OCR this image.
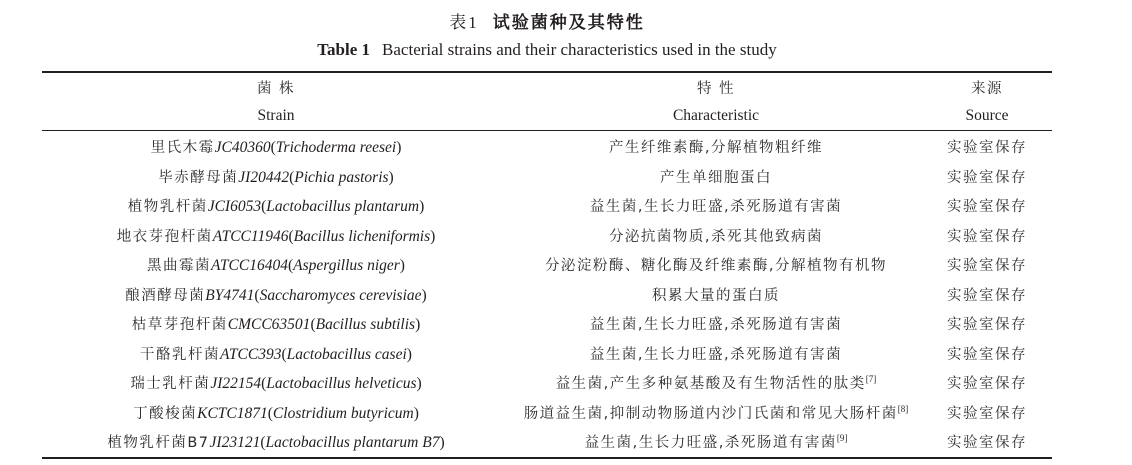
表1 试验菌种及其特性
Table 1 Bacterial strains and their characteristics used in the study
菌 株	特 性	来源
Strain	Characteristic	Source
里氏木霉JC40360(Trichoderma reesei)	产生纤维素酶,分解植物粗纤维	实验室保存
毕赤酵母菌JI20442(Pichia pastoris)	产生单细胞蛋白	实验室保存
植物乳杆菌JCI6053(Lactobacillus plantarum)	益生菌,生长力旺盛,杀死肠道有害菌	实验室保存
地衣芽孢杆菌ATCC11946(Bacillus licheniformis)	分泌抗菌物质,杀死其他致病菌	实验室保存
黑曲霉菌ATCC16404(Aspergillus niger)	分泌淀粉酶、糖化酶及纤维素酶,分解植物有机物	实验室保存
酿酒酵母菌BY4741(Saccharomyces cerevisiae)	积累大量的蛋白质	实验室保存
枯草芽孢杆菌CMCC63501(Bacillus subtilis)	益生菌,生长力旺盛,杀死肠道有害菌	实验室保存
干酪乳杆菌ATCC393(Lactobacillus casei)	益生菌,生长力旺盛,杀死肠道有害菌	实验室保存
瑞士乳杆菌JI22154(Lactobacillus helveticus)	益生菌,产生多种氨基酸及有生物活性的肽类[7]	实验室保存
丁酸梭菌KCTC1871(Clostridium butyricum)	肠道益生菌,抑制动物肠道内沙门氏菌和常见大肠杆菌[8]	实验室保存
植物乳杆菌B7JI23121(Lactobacillus plantarum B7)	益生菌,生长力旺盛,杀死肠道有害菌[9]	实验室保存
